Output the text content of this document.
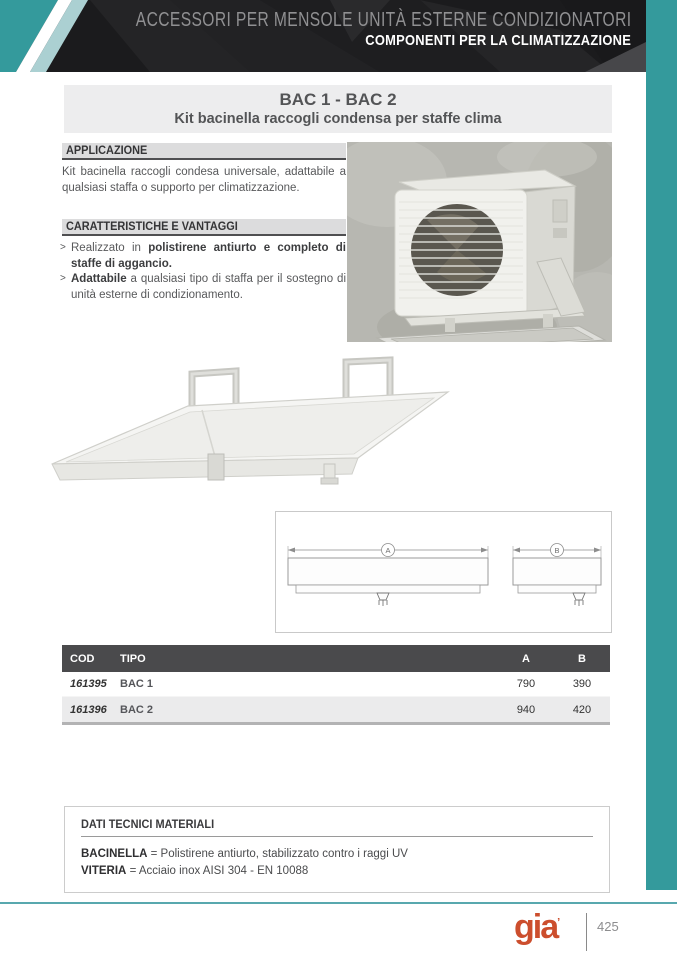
ACCESSORI PER MENSOLE UNITÀ ESTERNE CONDIZIONATORI
COMPONENTI PER LA CLIMATIZZAZIONE
BAC 1 - BAC 2
Kit bacinella raccogli condensa per staffe clima
APPLICAZIONE
Kit bacinella raccogli condesa universale, adattabile a qualsiasi staffa o supporto per climatizzazione.
CARATTERISTICHE E VANTAGGI
> Realizzato in polistirene antiurto e completo di staffe di aggancio.
> Adattabile a qualsiasi tipo di staffa per il sostegno di unità esterne di condizionamento.
A	B
COD	TIPO	A	B
161395	BAC 1	790	390
161396	BAC 2	940	420
DATI TECNICI MATERIALI
BACINELLA = Polistirene antiurto, stabilizzato contro i raggi UV
VITERIA = Acciaio inox AISI 304 - EN 10088
gia’	425
